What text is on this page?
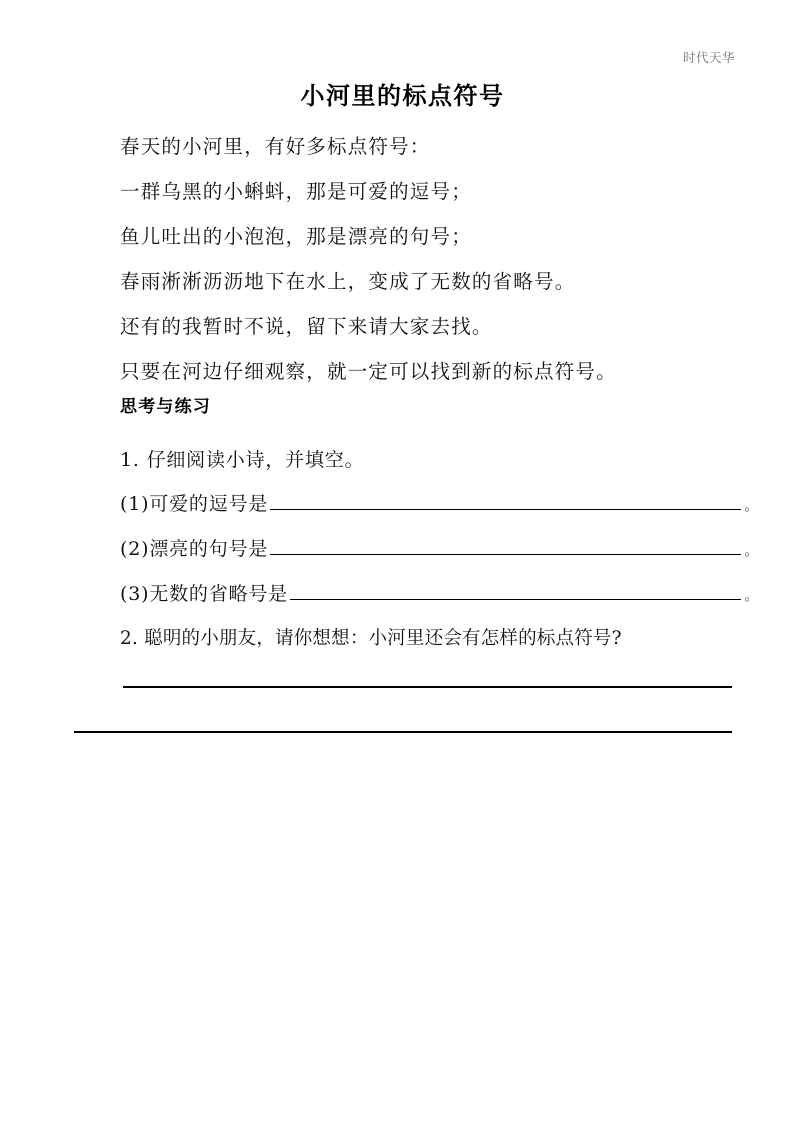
时代天华
小河里的标点符号
春天的小河里，有好多标点符号：
一群乌黑的小蝌蚪，那是可爱的逗号；
鱼儿吐出的小泡泡，那是漂亮的句号；
春雨淅淅沥沥地下在水上，变成了无数的省略号。
还有的我暂时不说，留下来请大家去找。
只要在河边仔细观察，就一定可以找到新的标点符号。
思考与练习
1. 仔细阅读小诗，并填空。
(1)可爱的逗号是	。
(2)漂亮的句号是	。
(3)无数的省略号是	。
2. 聪明的小朋友，请你想想：小河里还会有怎样的标点符号?
